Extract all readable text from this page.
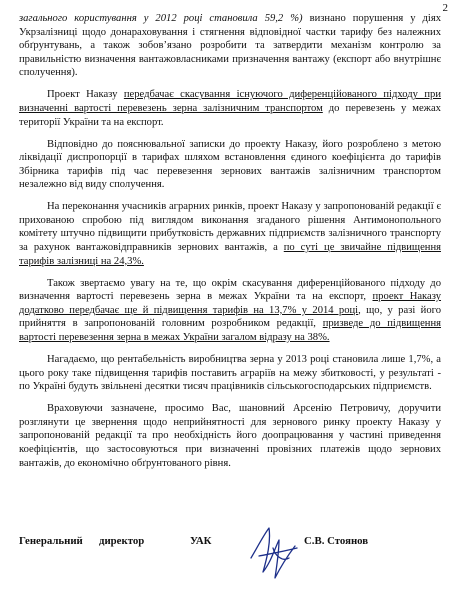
2

загального користування у 2012 році становила 59,2 %) визнано порушення у діях Укрзалізниці щодо донараховування і стягнення відповідної частки тарифу без належних обґрунтувань, а також зобов’язано розробити та затвердити механізм контролю за правильністю визначення вантажовласниками призначення вантажу (експорт або внутрішнє сполучення).

Проект Наказу передбачає скасування існуючого диференційованого підходу при визначенні вартості перевезень зерна залізничним транспортом до перевезень у межах території України та на експорт.

Відповідно до пояснювальної записки до проекту Наказу, його розроблено з метою ліквідації диспропорції в тарифах шляхом встановлення єдиного коефіцієнта до тарифів Збірника тарифів під час перевезення зернових вантажів залізничним транспортом незалежно від виду сполучення.

На переконання учасників аграрних ринків, проект Наказу у запропонованій редакції є прихованою спробою під виглядом виконання згаданого рішення Антимонопольного комітету штучно підвищити прибутковість державних підприємств залізничного транспорту за рахунок вантажовідправників зернових вантажів, а по суті це звичайне підвищення тарифів залізниці на 24,3%.

Також звертаємо увагу на те, що окрім скасування диференційованого підходу до визначення вартості перевезень зерна в межах України та на експорт, проект Наказу додатково передбачає ще й підвищення тарифів на 13,7% у 2014 році, що, у разі його прийняття в запропонованій головним розробником редакції, призведе до підвищення вартості перевезення зерна в межах України загалом відразу на 38%.

Нагадаємо, що рентабельність виробництва зерна у 2013 році становила лише 1,7%, а цього року таке підвищення тарифів поставить аграріїв на межу збитковості, у результаті - по Україні будуть звільнені десятки тисяч працівників сільськогосподарських підприємств.

Враховуючи зазначене, просимо Вас, шановний Арсенію Петровичу, доручити розглянути це звернення щодо неприйнятності для зернового ринку проекту Наказу у запропонованій редакції та про необхідність його доопрацювання у частині приведення коефіцієнтів, що застосовуються при визначенні провізних платежів щодо зернових вантажів, до економічно обґрунтованого рівня.

Генеральний директор	УАК	С.В. Стоянов
